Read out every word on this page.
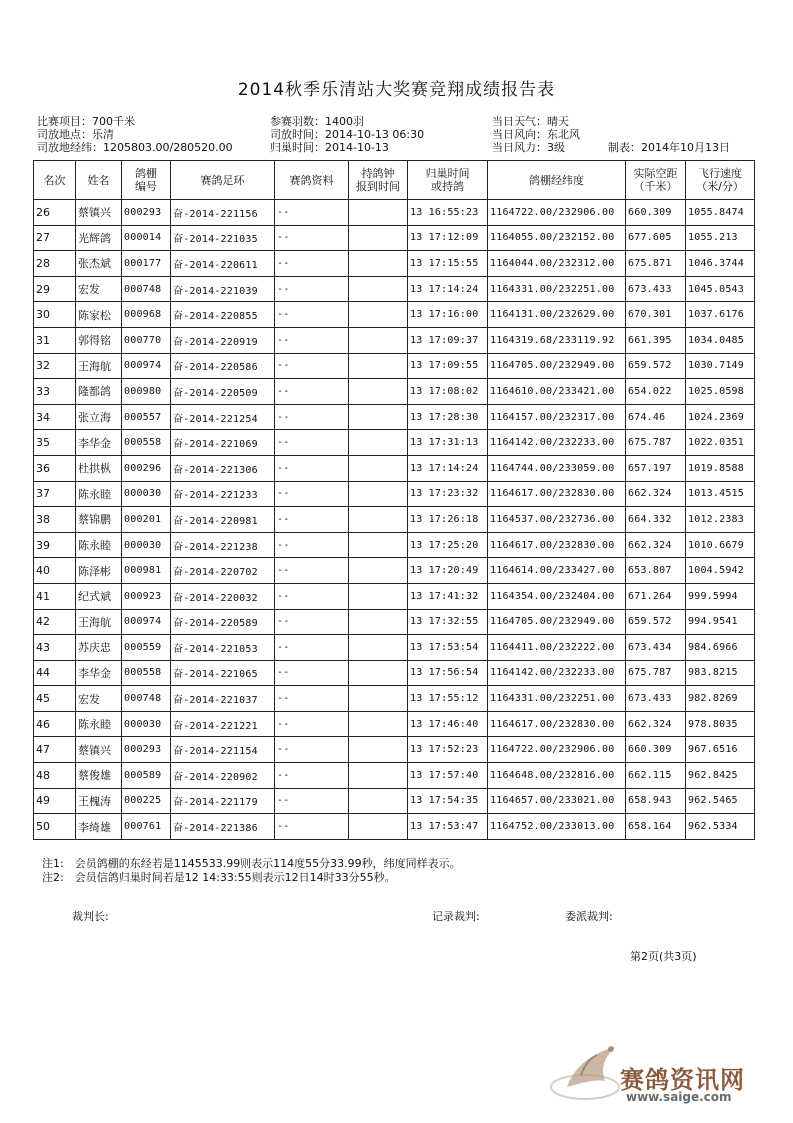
2014秋季乐清站大奖赛竞翔成绩报告表
比赛项目：700千米
司放地点：乐清
司放地经纬：1205803.00/280520.00
参赛羽数：1400羽
司放时间：2014-10-13 06:30
归巢时间：2014-10-13
当日天气：晴天
当日风向：东北风
当日风力：3级	制表：2014年10月13日
名次	姓名	鸽棚
编号	赛鸽足环	赛鸽资料	持鸽钟
报到时间	归巢时间
或持鸽	鸽棚经纬度	实际空距
（千米）	飞行速度
（米/分）
26	蔡镇兴	000293	奋-2014-221156	--		13 16:55:23	1164722.00/232906.00	660.309	1055.8474
27	光辉鸽	000014	奋-2014-221035	--		13 17:12:09	1164055.00/232152.00	677.605	1055.213
28	张杰斌	000177	奋-2014-220611	--		13 17:15:55	1164044.00/232312.00	675.871	1046.3744
29	宏发	000748	奋-2014-221039	--		13 17:14:24	1164331.00/232251.00	673.433	1045.0543
30	陈家松	000968	奋-2014-220855	--		13 17:16:00	1164131.00/232629.00	670.301	1037.6176
31	郭得铭	000770	奋-2014-220919	--		13 17:09:37	1164319.68/233119.92	661.395	1034.0485
32	王海航	000974	奋-2014-220586	--		13 17:09:55	1164705.00/232949.00	659.572	1030.7149
33	隆都鸽	000980	奋-2014-220509	--		13 17:08:02	1164610.00/233421.00	654.022	1025.0598
34	张立海	000557	奋-2014-221254	--		13 17:28:30	1164157.00/232317.00	674.46	1024.2369
35	李华金	000558	奋-2014-221069	--		13 17:31:13	1164142.00/232233.00	675.787	1022.0351
36	杜拱枞	000296	奋-2014-221306	--		13 17:14:24	1164744.00/233059.00	657.197	1019.8588
37	陈永睦	000030	奋-2014-221233	--		13 17:23:32	1164617.00/232830.00	662.324	1013.4515
38	蔡锦鹏	000201	奋-2014-220981	--		13 17:26:18	1164537.00/232736.00	664.332	1012.2383
39	陈永睦	000030	奋-2014-221238	--		13 17:25:20	1164617.00/232830.00	662.324	1010.6679
40	陈泽彬	000981	奋-2014-220702	--		13 17:20:49	1164614.00/233427.00	653.807	1004.5942
41	纪式斌	000923	奋-2014-220032	--		13 17:41:32	1164354.00/232404.00	671.264	999.5994
42	王海航	000974	奋-2014-220589	--		13 17:32:55	1164705.00/232949.00	659.572	994.9541
43	苏庆忠	000559	奋-2014-221053	--		13 17:53:54	1164411.00/232222.00	673.434	984.6966
44	李华金	000558	奋-2014-221065	--		13 17:56:54	1164142.00/232233.00	675.787	983.8215
45	宏发	000748	奋-2014-221037	--		13 17:55:12	1164331.00/232251.00	673.433	982.8269
46	陈永睦	000030	奋-2014-221221	--		13 17:46:40	1164617.00/232830.00	662.324	978.8035
47	蔡镇兴	000293	奋-2014-221154	--		13 17:52:23	1164722.00/232906.00	660.309	967.6516
48	蔡俊雄	000589	奋-2014-220902	--		13 17:57:40	1164648.00/232816.00	662.115	962.8425
49	王槐涛	000225	奋-2014-221179	--		13 17:54:35	1164657.00/233021.00	658.943	962.5465
50	李绮雄	000761	奋-2014-221386	--		13 17:53:47	1164752.00/233013.00	658.164	962.5334
注1:　会员鸽棚的东经若是1145533.99则表示114度55分33.99秒，纬度同样表示。
注2:　会员信鸽归巢时间若是12 14:33:55则表示12日14时33分55秒。
裁判长:	记录裁判:	委派裁判:
第2页(共3页)
赛鸽资讯网
www.saige.com
